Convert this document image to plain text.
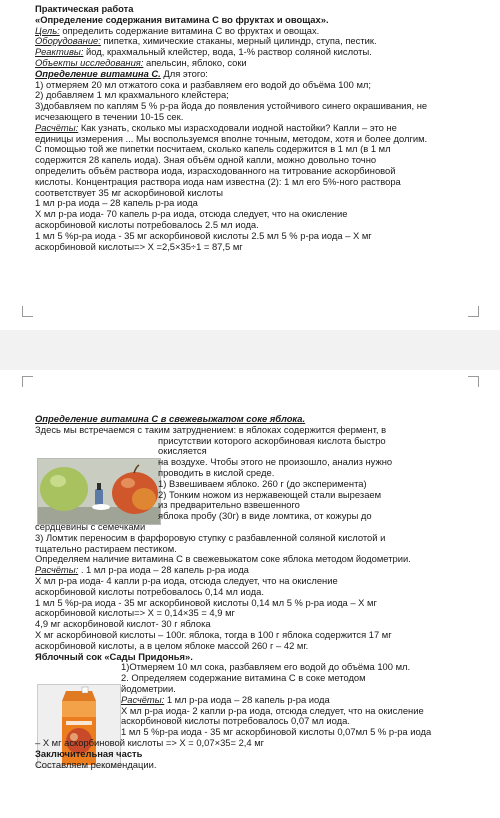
Практическая работа
«Определение содержания витамина С во фруктах и овощах».
Цель: определить содержание витамина С во фруктах и овощах.
Оборудование: пипетка, химические стаканы, мерный цилиндр, ступа, пестик.
Реактивы: йод, крахмальный клейстер, вода, 1-% раствор соляной кислоты.
Объекты исследования: апельсин, яблоко, соки
Определение витамина С. Для этого:
1) отмеряем 20 мл отжатого сока и разбавляем его водой до объёма 100 мл;
2) добавляем 1 мл крахмального клейстера;
3)добавляем по каплям 5 % р-ра йода до появления устойчивого синего окрашивания, не
исчезающего в течении 10-15 сек.
Расчёты: Как узнать, сколько мы израсходовали иодной настойки? Капли – это не
единицы измерения ... Мы воспользуемся вполне точным, методом, хотя и более долгим.
С помощью той же пипетки посчитаем, сколько капель содержится в 1 мл (в 1 мл
содержится 28 капель иода). Зная объём одной капли, можно довольно точно
определить объём раствора иода, израсходованного на титрование аскорбиновой
кислоты. Концентрация раствора иода нам известна (2): 1 мл его 5%-ного раствора
соответствует 35 мг аскорбиновой кислоты
1 мл р-ра иода – 28 капель р-ра иода
Х мл р-ра иода- 70 капель р-ра иода, отсюда следует, что на окисление
аскорбиновой кислоты потребовалось 2.5 мл иода.
1 мл 5 %р-ра иода - 35 мг аскорбиновой кислоты 2.5 мл 5 % р-ра иода – Х мг
аскорбиновой кислоты=> Х =2,5×35÷1 = 87,5 мг
Определение витамина С в свежевыжатом соке яблока.
Здесь мы встречаемся с таким затруднением: в яблоках содержится фермент, в
присутствии которого аскорбиновая кислота быстро
окисляется
на воздухе. Чтобы этого не произошло, анализ нужно
проводить в кислой среде.
1) Взвешиваем яблоко. 260 г (до эксперимента)
2) Тонким ножом из нержавеющей стали вырезаем
из предварительно взвешенного
яблока пробу (30г) в виде ломтика, от кожуры до
сердцевины с семечками
3) Ломтик переносим в фарфоровую ступку с разбавленной соляной кислотой и
тщательно растираем пестиком.
Определяем наличие витамина С в свежевыжатом соке яблока методом йодометрии.
Расчёты: . 1 мл р-ра иода – 28 капель р-ра иода
Х мл р-ра иода- 4 капли р-ра иода, отсюда следует, что на окисление
аскорбиновой кислоты потребовалось 0,14 мл иода.
1 мл 5 %р-ра иода - 35 мг аскорбиновой кислоты 0,14 мл 5 % р-ра иода – Х мг
аскорбиновой кислоты=> Х = 0,14×35 = 4,9 мг
4,9 мг аскорбиновой кислот- 30 г яблока
Х мг аскорбиновой кислоты – 100г. яблока, тогда в 100 г яблока содержится 17 мг
аскорбиновой кислоты, а в целом яблоке массой 260 г – 42 мг.
Яблочный сок «Сады Придонья».
1)Отмеряем 10 мл сока, разбавляем его водой до объёма 100 мл.
2. Определяем содержание витамина С в соке методом
йодометрии.
Расчёты: 1 мл р-ра иода – 28 капель р-ра иода
Х мл р-ра иода- 2 капли р-ра иода, отсюда следует, что на окисление
аскорбиновой кислоты потребовалось 0,07 мл иода.
1 мл 5 %р-ра иода - 35 мг аскорбиновой кислоты 0,07мл 5 % р-ра иода
– Х мг аскорбиновой кислоты => Х = 0,07×35= 2,4 мг
Заключительная часть
Составляем рекомендации.
